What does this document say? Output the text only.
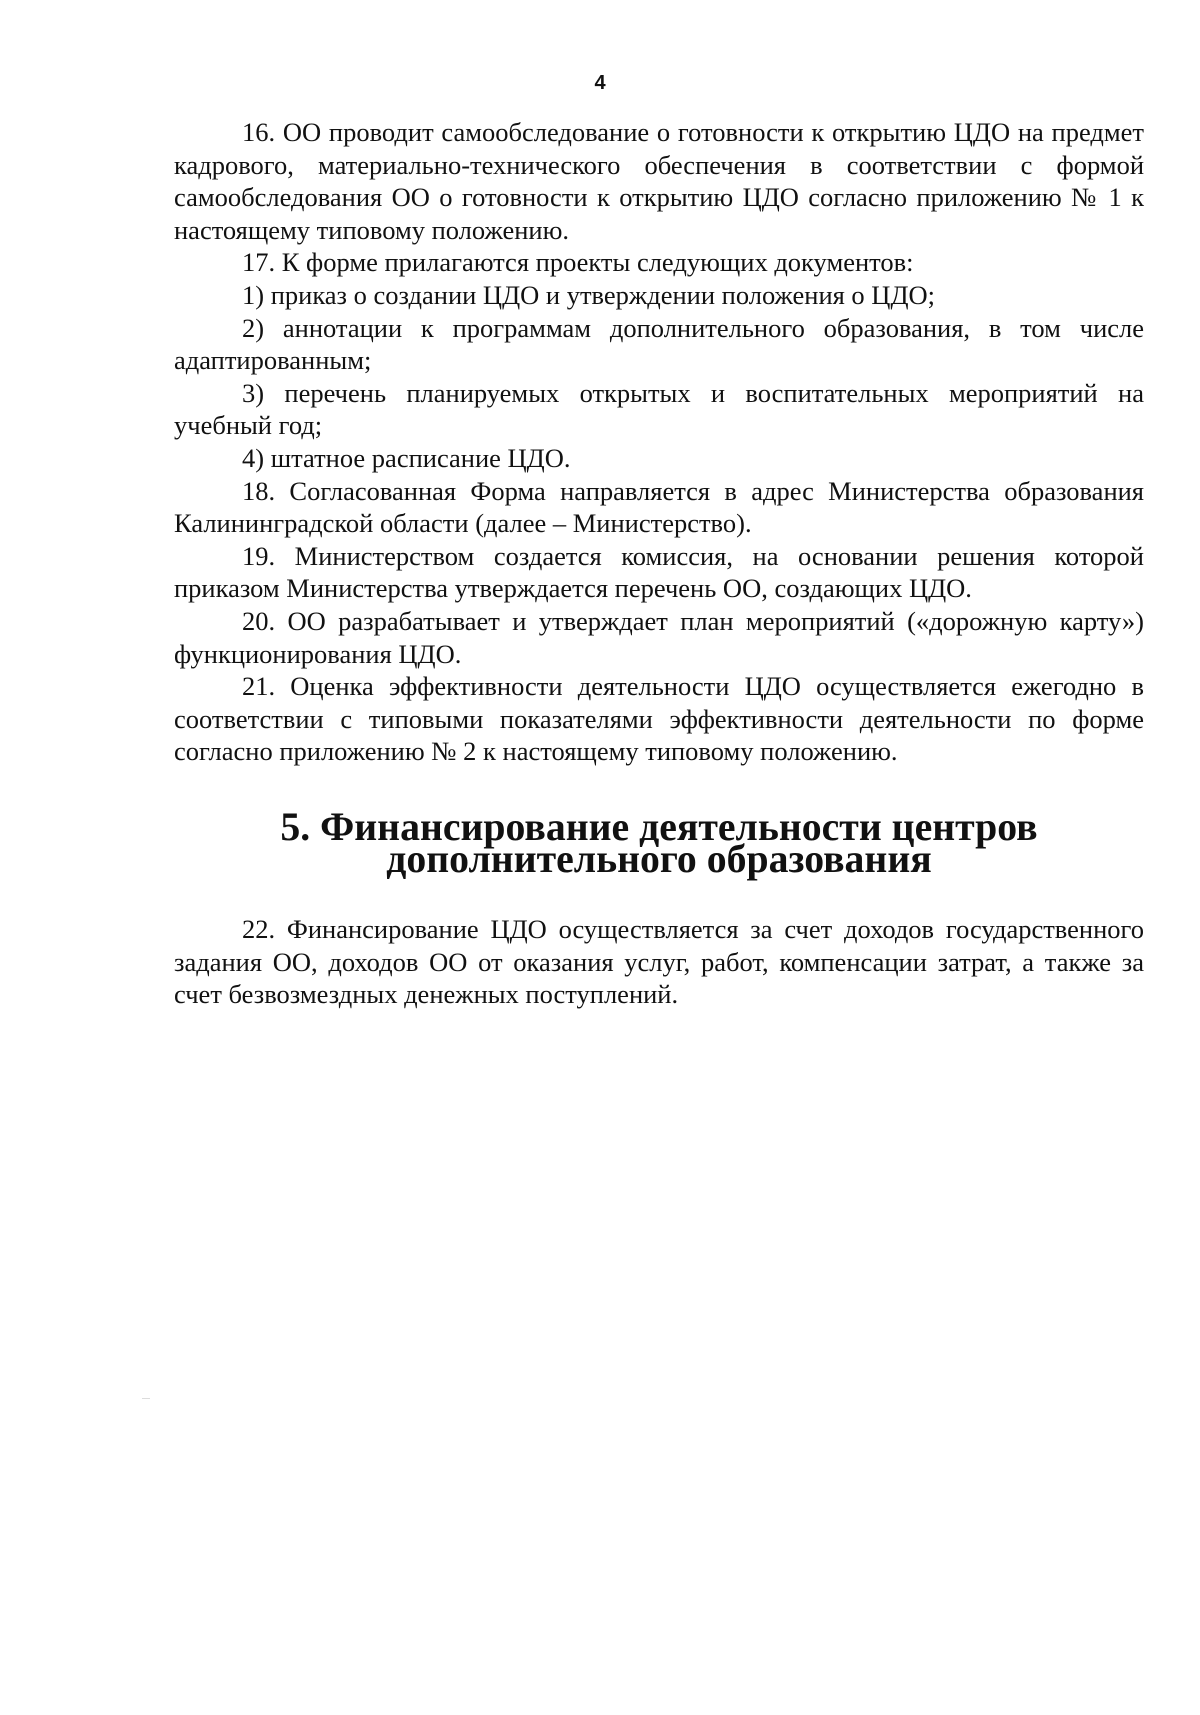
4

16. ОО проводит самообследование о готовности к открытию ЦДО на предмет кадрового, материально-технического обеспечения в соответствии с формой самообследования ОО о готовности к открытию ЦДО согласно приложению № 1 к настоящему типовому положению.

17. К форме прилагаются проекты следующих документов:

1) приказ о создании ЦДО и утверждении положения о ЦДО;

2) аннотации к программам дополнительного образования, в том числе адаптированным;

3) перечень планируемых открытых и воспитательных мероприятий на учебный год;

4) штатное расписание ЦДО.

18. Согласованная Форма направляется в адрес Министерства образования Калининградской области (далее – Министерство).

19. Министерством создается комиссия, на основании решения которой приказом Министерства утверждается перечень ОО, создающих ЦДО.

20. ОО разрабатывает и утверждает план мероприятий («дорожную карту») функционирования ЦДО.

21. Оценка эффективности деятельности ЦДО осуществляется ежегодно в соответствии с типовыми показателями эффективности деятельности по форме согласно приложению № 2 к настоящему типовому положению.

5. Финансирование деятельности центров
дополнительного образования

22. Финансирование ЦДО осуществляется за счет доходов государственного задания ОО, доходов ОО от оказания услуг, работ, компенсации затрат, а также за счет безвозмездных денежных поступлений.
